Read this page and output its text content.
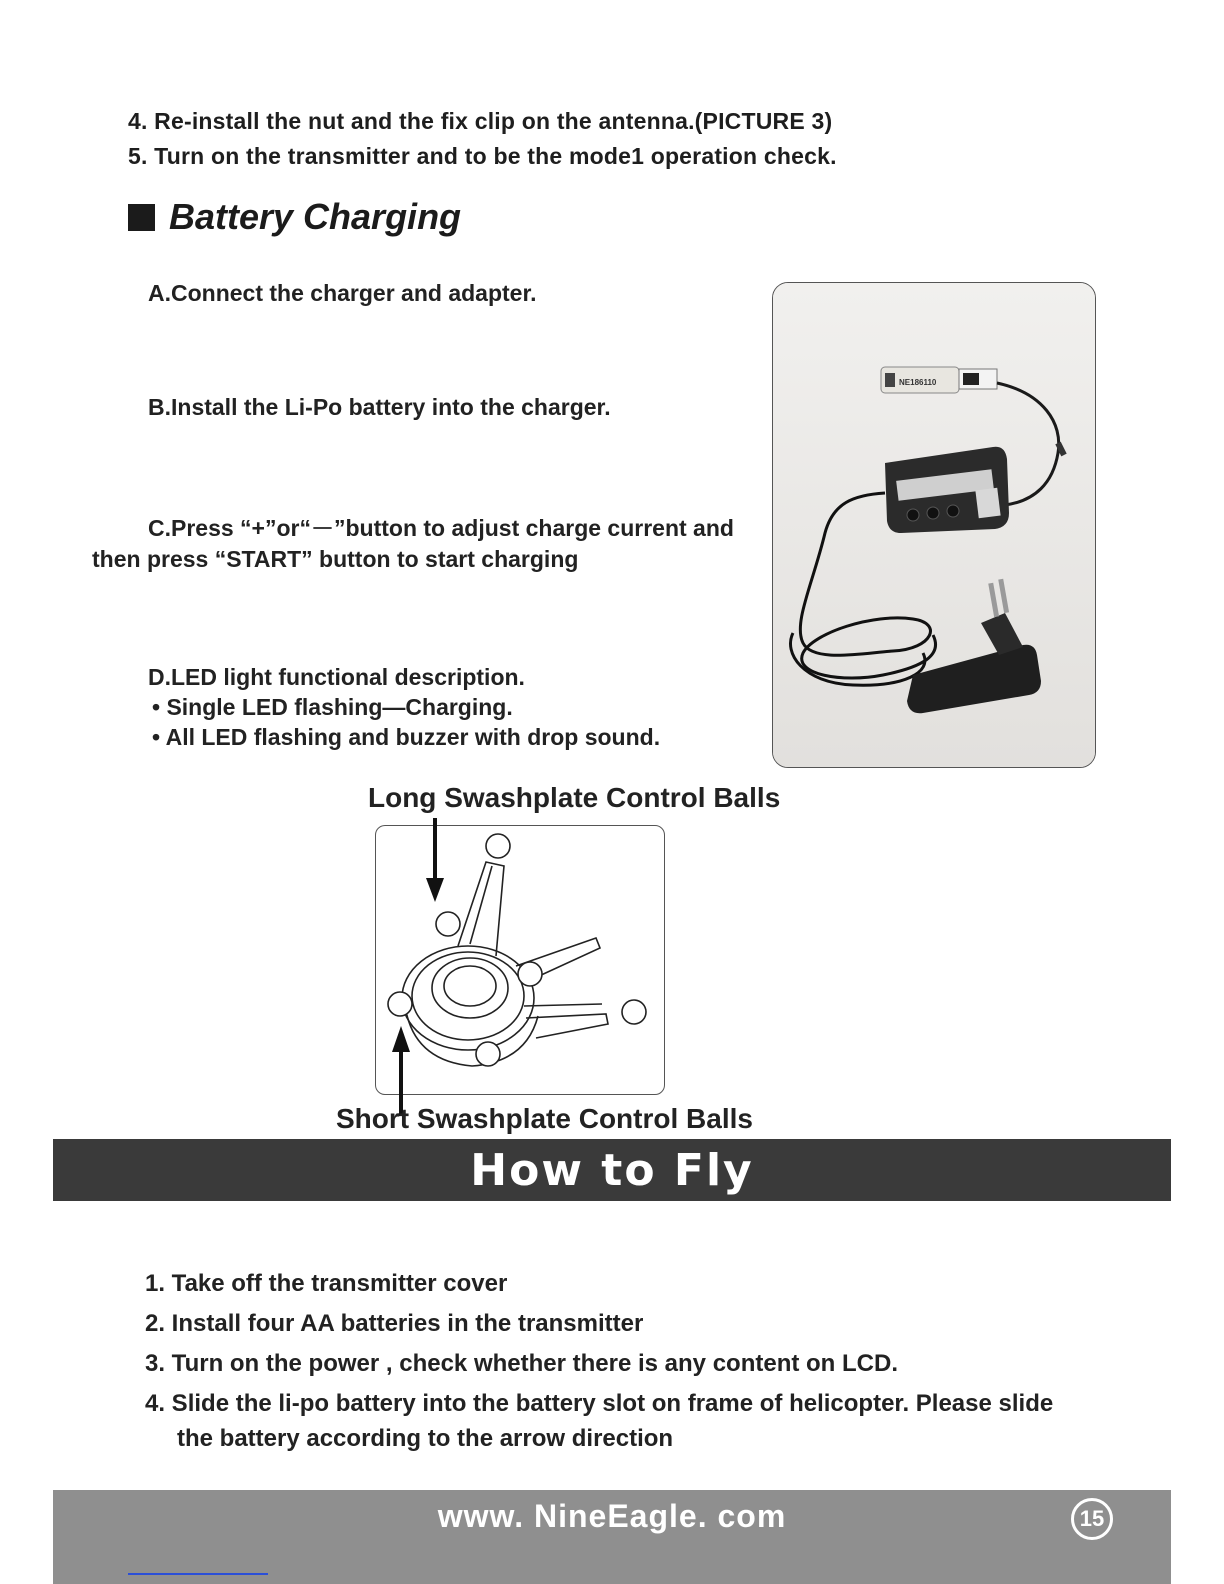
4. Re-install the nut and the fix clip on the antenna.(PICTURE 3)
5. Turn on the transmitter and to be the mode1 operation check.
Battery Charging
A.Connect the charger and adapter.
B.Install the Li-Po battery into the charger.
C.Press “+”or“－”button to adjust charge current and
then press “START” button to start charging
D.LED light functional description.
• Single LED flashing—Charging.
• All LED flashing and buzzer with drop sound.
NE186110
Long Swashplate Control Balls
Short Swashplate Control Balls
How to Fly
1. Take off the transmitter cover
2. Install four AA batteries in the transmitter
3. Turn on the power , check whether there is any content on LCD.
4. Slide the li-po battery into the battery slot on frame of helicopter. Please slide
the battery according to the arrow direction
www. NineEagle. com	15
